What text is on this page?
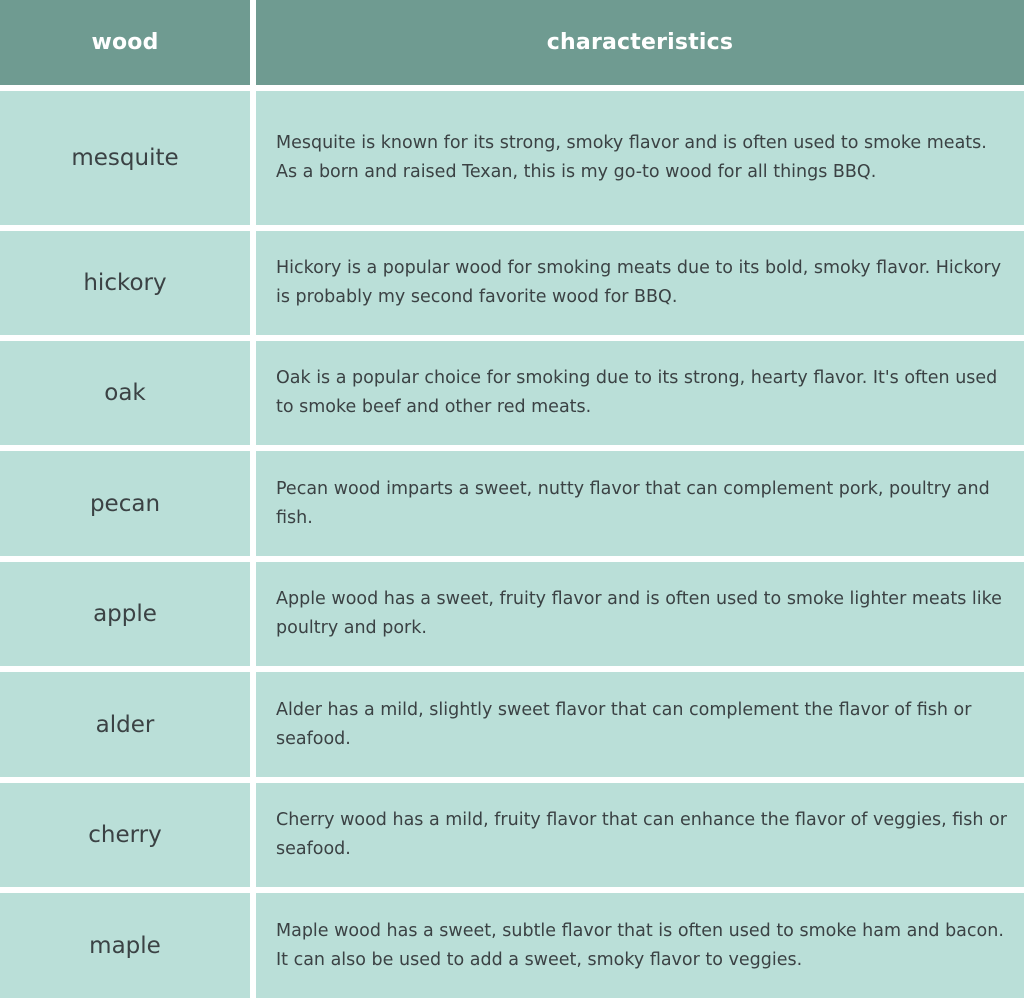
wood	characteristics
mesquite

Mesquite is known for its strong, smoky flavor and is often used to smoke meats. As a born and raised Texan, this is my go-to wood for all things BBQ.

hickory

Hickory is a popular wood for smoking meats due to its bold, smoky flavor. Hickory is probably my second favorite wood for BBQ.

oak

Oak is a popular choice for smoking due to its strong, hearty flavor. It's often used to smoke beef and other red meats.

pecan

Pecan wood imparts a sweet, nutty flavor that can complement pork, poultry and fish.

apple

Apple wood has a sweet, fruity flavor and is often used to smoke lighter meats like poultry and pork.

alder

Alder has a mild, slightly sweet flavor that can complement the flavor of fish or seafood.

cherry

Cherry wood has a mild, fruity flavor that can enhance the flavor of veggies, fish or seafood.

maple

Maple wood has a sweet, subtle flavor that is often used to smoke ham and bacon. It can also be used to add a sweet, smoky flavor to veggies.
